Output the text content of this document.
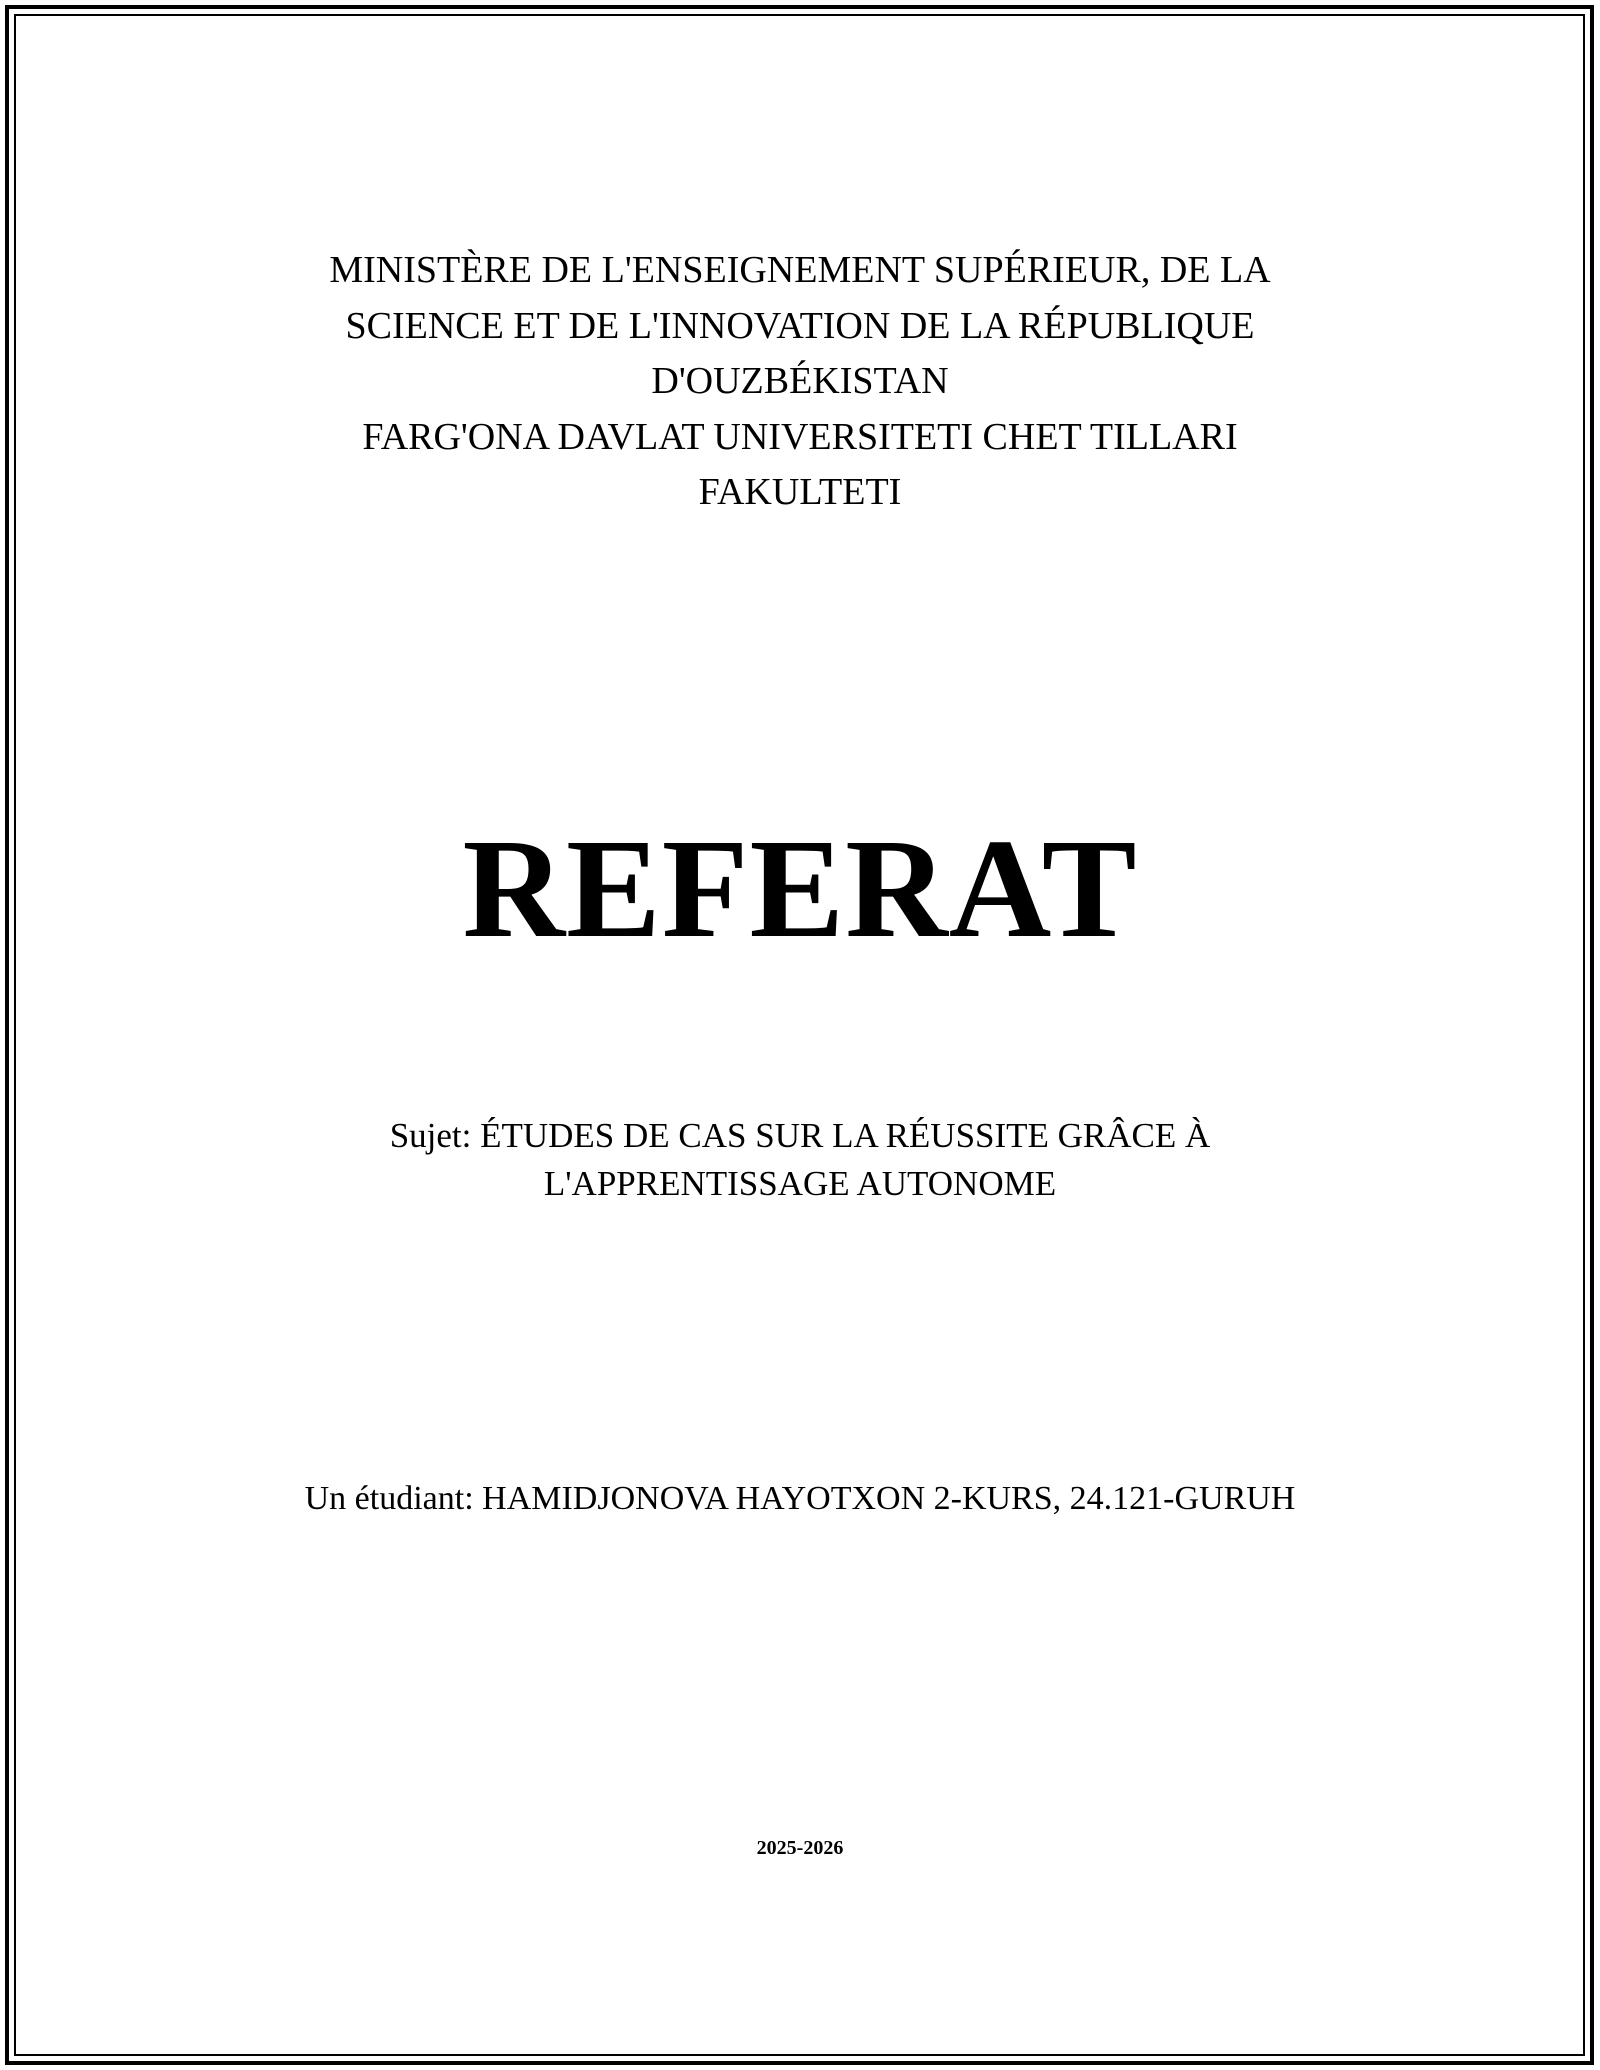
MINISTÈRE DE L'ENSEIGNEMENT SUPÉRIEUR, DE LA
SCIENCE ET DE L'INNOVATION DE LA RÉPUBLIQUE
D'OUZBÉKISTAN
FARG'ONA DAVLAT UNIVERSITETI CHET TILLARI
FAKULTETI
REFERAT
Sujet: ÉTUDES DE CAS SUR LA RÉUSSITE GRÂCE À
L'APPRENTISSAGE AUTONOME
Un étudiant: HAMIDJONOVA HAYOTXON 2-KURS, 24.121-GURUH
2025-2026
